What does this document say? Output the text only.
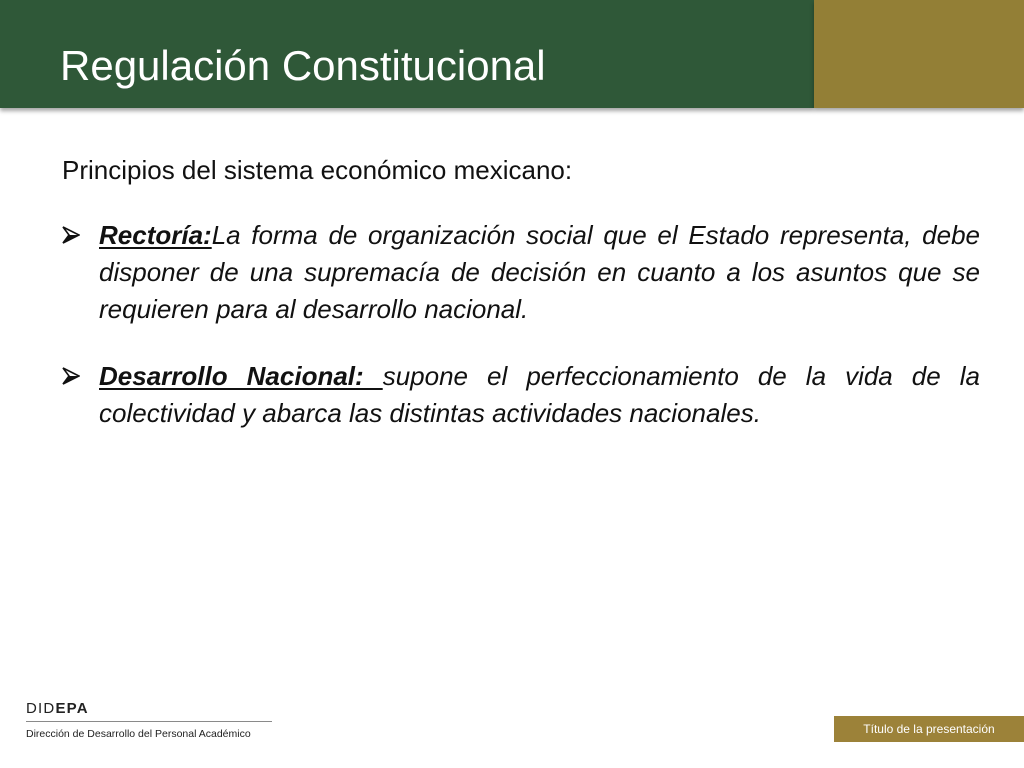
Regulación Constitucional

Principios del sistema económico mexicano:

Rectoría:La forma de organización social que el Estado representa, debe disponer de una supremacía de decisión en cuanto a los asuntos que se requieren para al desarrollo nacional.

Desarrollo Nacional: supone el perfeccionamiento de la vida de la colectividad y abarca las distintas actividades nacionales.

DIDEPA
Dirección de Desarrollo del Personal Académico	Título de la presentación
